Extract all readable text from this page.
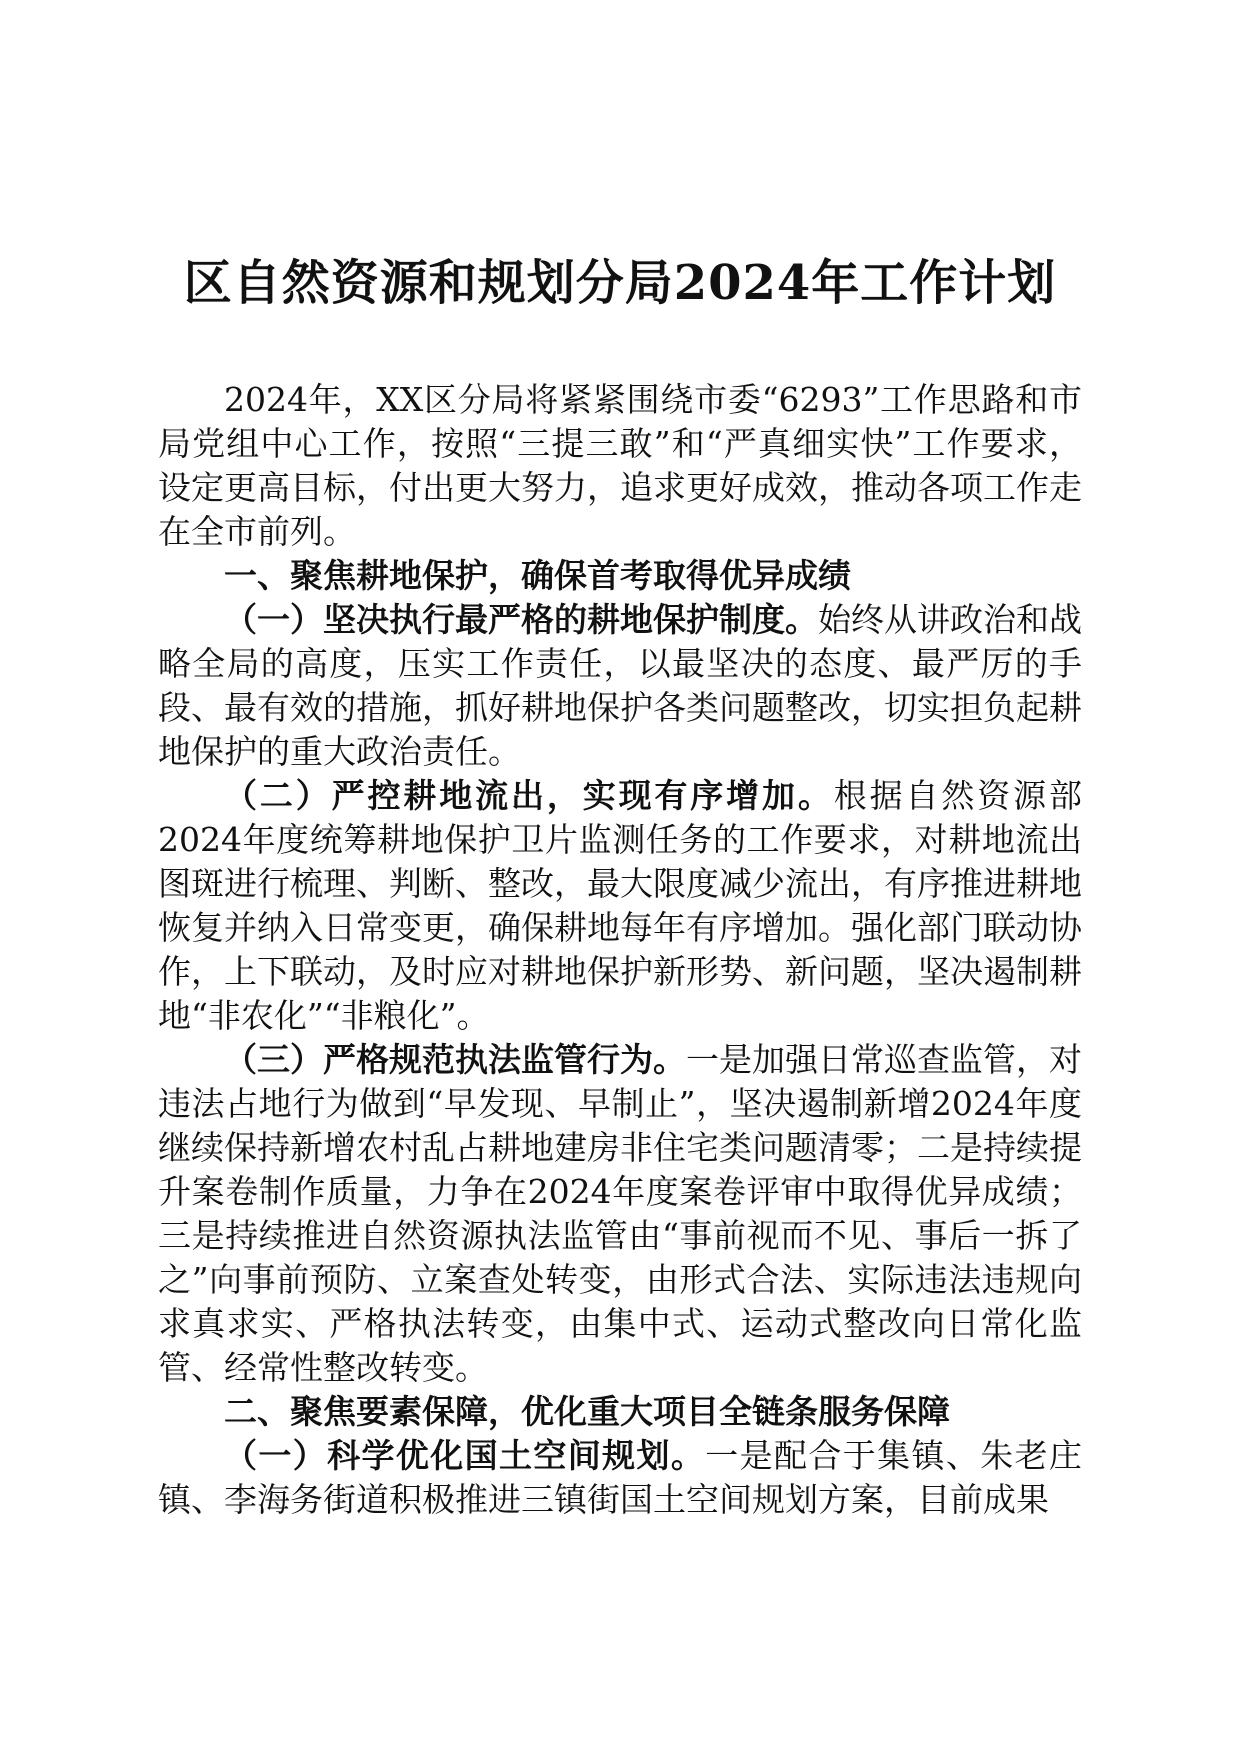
区自然资源和规划分局2024年工作计划

2024年，XX区分局将紧紧围绕市委“6293”工作思路和市局党组中心工作，按照“三提三敢”和“严真细实快”工作要求，设定更高目标，付出更大努力，追求更好成效，推动各项工作走在全市前列。

一、聚焦耕地保护，确保首考取得优异成绩

（一）坚决执行最严格的耕地保护制度。始终从讲政治和战略全局的高度，压实工作责任，以最坚决的态度、最严厉的手段、最有效的措施，抓好耕地保护各类问题整改，切实担负起耕地保护的重大政治责任。

（二）严控耕地流出，实现有序增加。根据自然资源部2024年度统筹耕地保护卫片监测任务的工作要求，对耕地流出图斑进行梳理、判断、整改，最大限度减少流出，有序推进耕地恢复并纳入日常变更，确保耕地每年有序增加。强化部门联动协作，上下联动，及时应对耕地保护新形势、新问题，坚决遏制耕地“非农化”“非粮化”。

（三）严格规范执法监管行为。一是加强日常巡查监管，对违法占地行为做到“早发现、早制止”，坚决遏制新增2024年度继续保持新增农村乱占耕地建房非住宅类问题清零；二是持续提升案卷制作质量，力争在2024年度案卷评审中取得优异成绩；三是持续推进自然资源执法监管由“事前视而不见、事后一拆了之”向事前预防、立案查处转变，由形式合法、实际违法违规向求真求实、严格执法转变，由集中式、运动式整改向日常化监管、经常性整改转变。

二、聚焦要素保障，优化重大项目全链条服务保障

（一）科学优化国土空间规划。一是配合于集镇、朱老庄镇、李海务街道积极推进三镇街国土空间规划方案，目前成果
